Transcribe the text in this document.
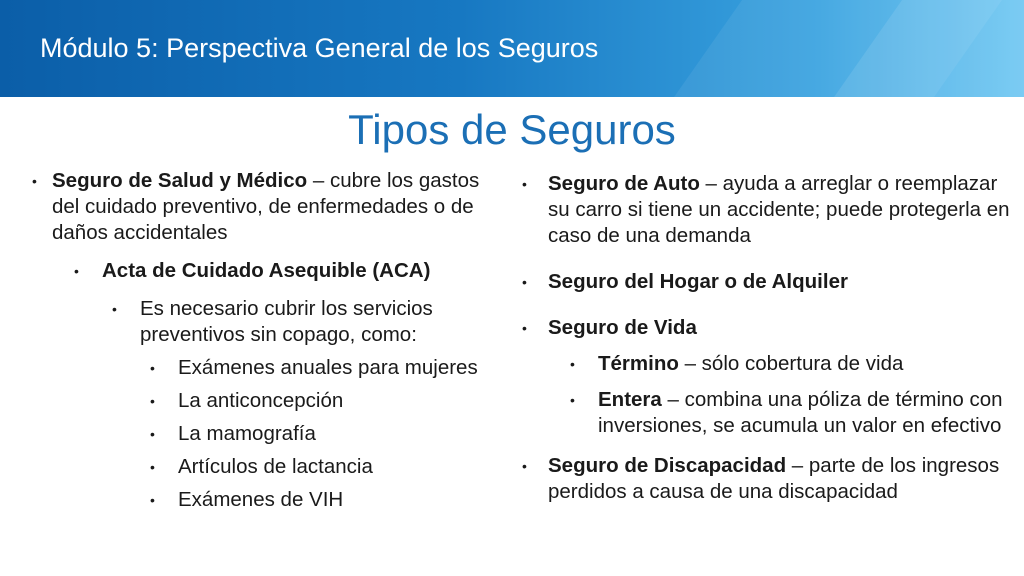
Módulo 5: Perspectiva General de los Seguros
Tipos de Seguros
• Seguro de Salud y Médico – cubre los gastos del cuidado preventivo, de enfermedades o de daños accidentales
• Acta de Cuidado Asequible (ACA)
• Es necesario cubrir los servicios preventivos sin copago, como:
• Exámenes anuales para mujeres
• La anticoncepción
• La mamografía
• Artículos de lactancia
• Exámenes de VIH
• Seguro de Auto – ayuda a arreglar o reemplazar su carro si tiene un accidente; puede protegerla en caso de una demanda
• Seguro del Hogar o de Alquiler
• Seguro de Vida
• Término – sólo cobertura de vida
• Entera – combina una póliza de término con inversiones, se acumula un valor en efectivo
• Seguro de Discapacidad – parte de los ingresos perdidos a causa de una discapacidad
